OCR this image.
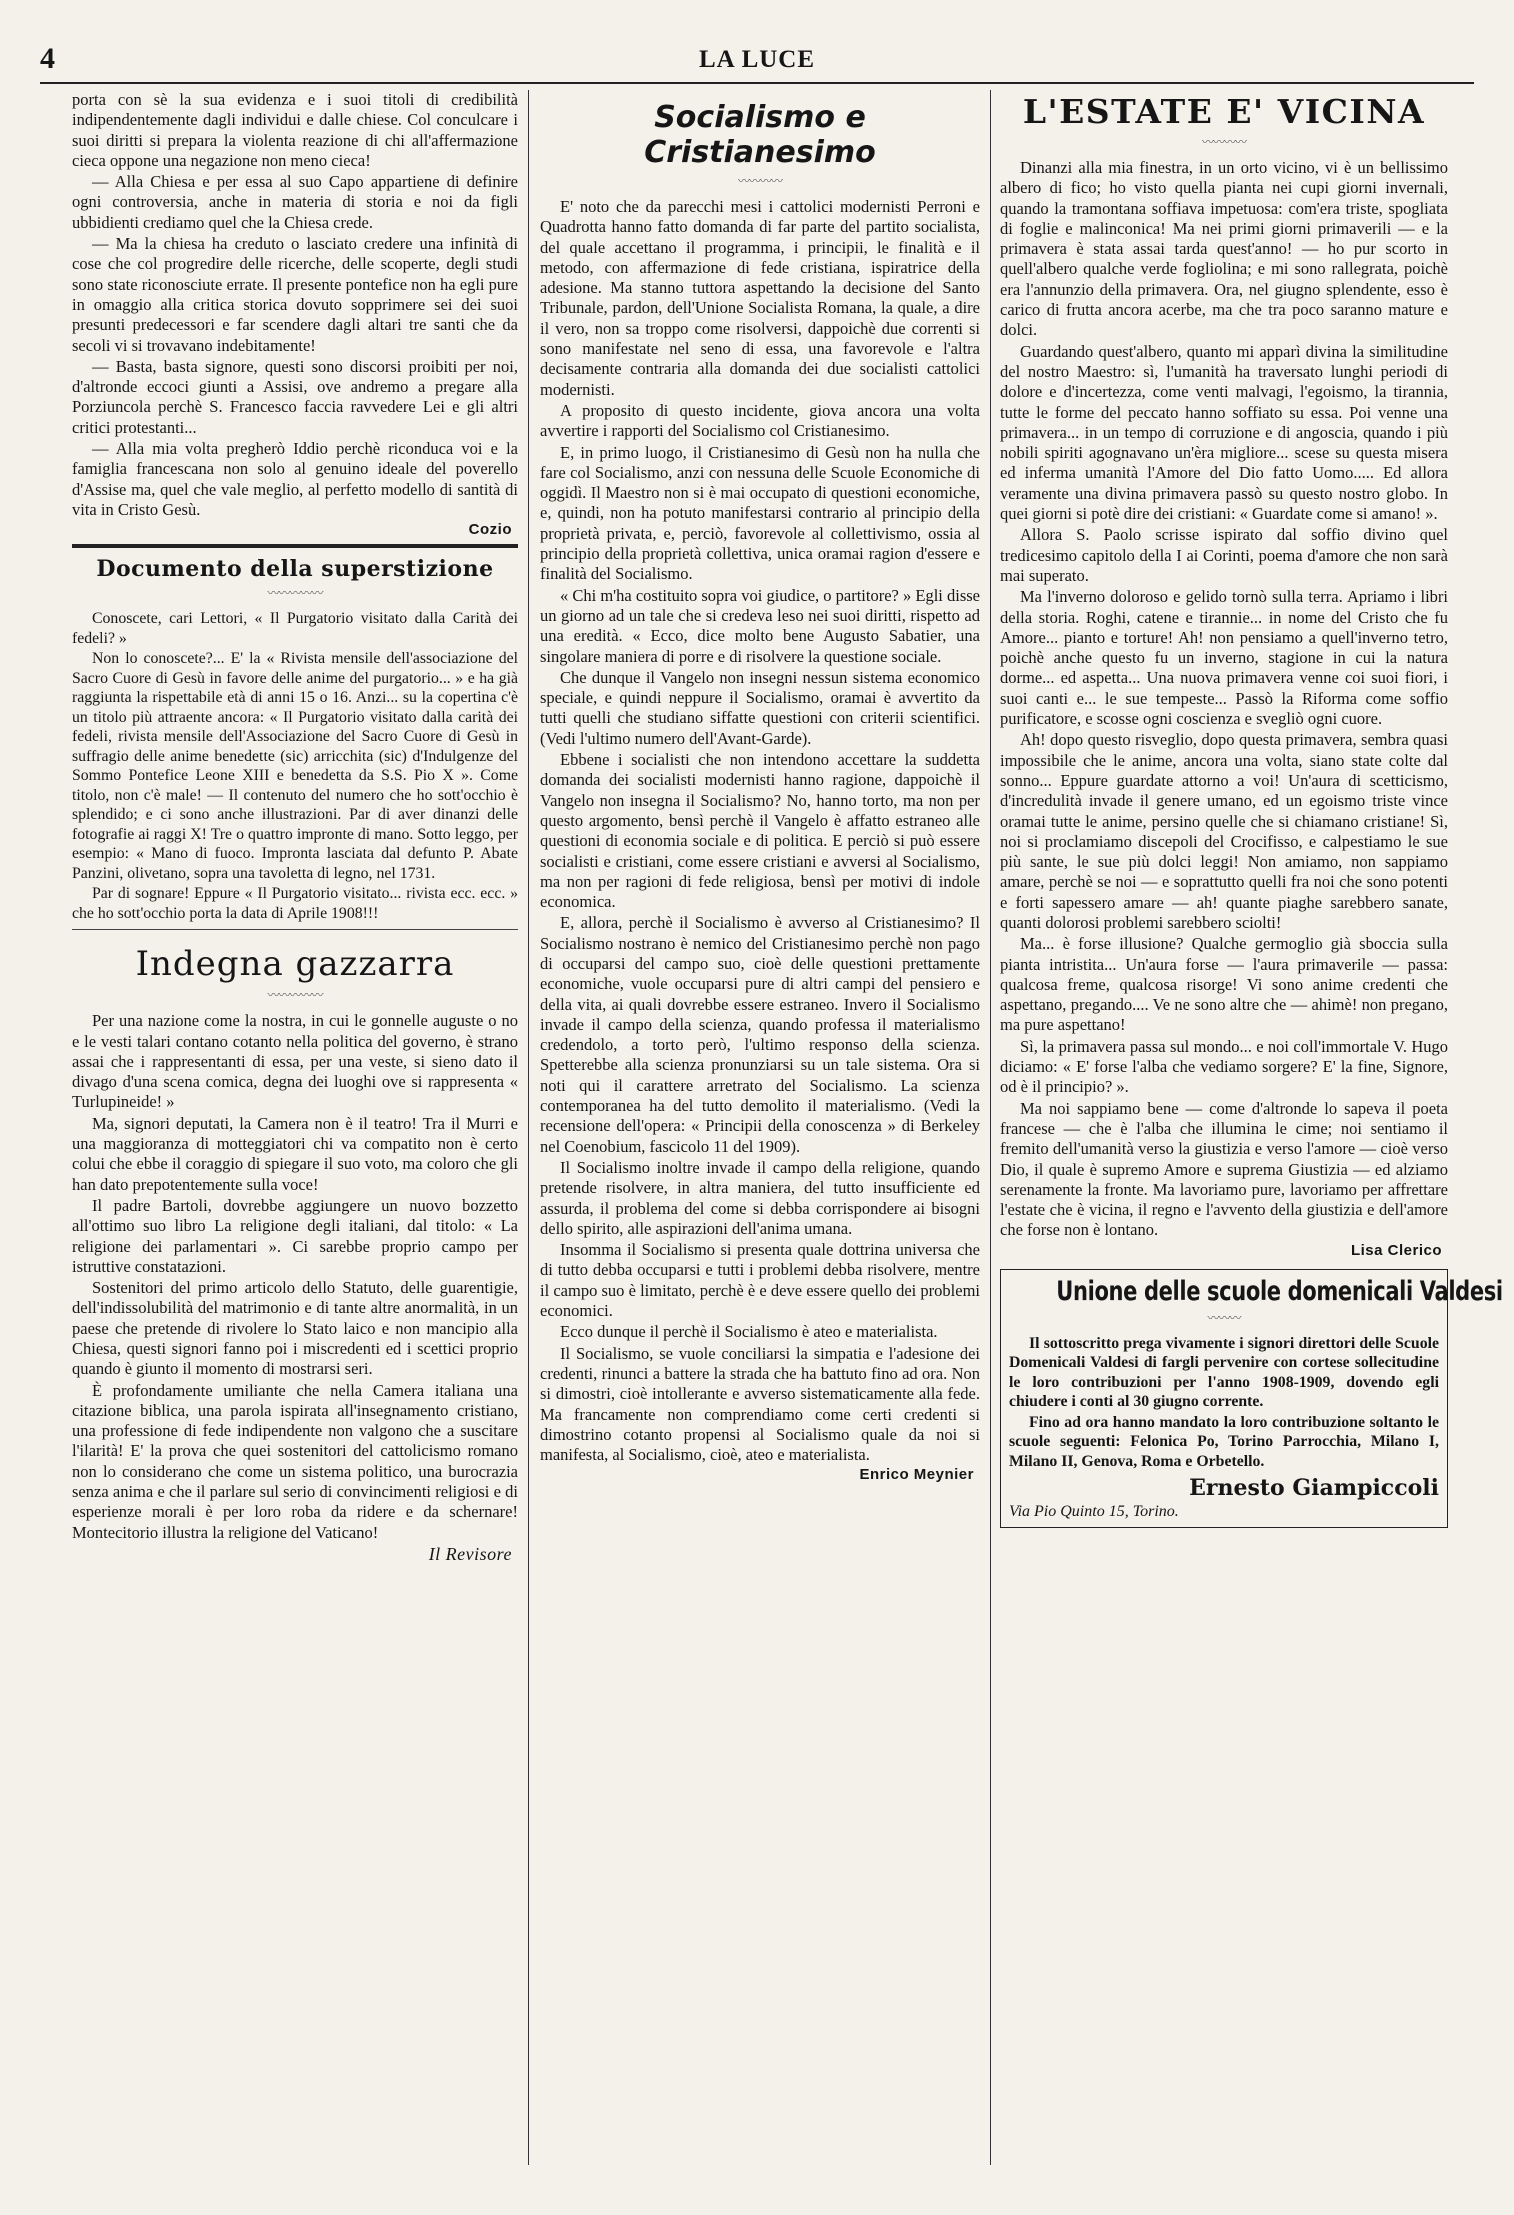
4	LA LUCE

porta con sè la sua evidenza e i suoi titoli di credibilità indipendentemente dagli individui e dalle chiese. Col conculcare i suoi diritti si prepara la violenta reazione di chi all'affermazione cieca oppone una negazione non meno cieca!

— Alla Chiesa e per essa al suo Capo appartiene di definire ogni controversia, anche in materia di storia e noi da figli ubbidienti crediamo quel che la Chiesa crede.

— Ma la chiesa ha creduto o lasciato credere una infinità di cose che col progredire delle ricerche, delle scoperte, degli studi sono state riconosciute errate. Il presente pontefice non ha egli pure in omaggio alla critica storica dovuto sopprimere sei dei suoi presunti predecessori e far scendere dagli altari tre santi che da secoli vi si trovavano indebitamente!

— Basta, basta signore, questi sono discorsi proibiti per noi, d'altronde eccoci giunti a Assisi, ove andremo a pregare alla Porziuncola perchè S. Francesco faccia ravvedere Lei e gli altri critici protestanti...

— Alla mia volta pregherò Iddio perchè riconduca voi e la famiglia francescana non solo al genuino ideale del poverello d'Assise ma, quel che vale meglio, al perfetto modello di santità di vita in Cristo Gesù.

Cozio
Documento della superstizione
〰〰〰〰〰

Conoscete, cari Lettori, « Il Purgatorio visitato dalla Carità dei fedeli? »

Non lo conoscete?... E' la « Rivista mensile dell'associazione del Sacro Cuore di Gesù in favore delle anime del purgatorio... » e ha già raggiunta la rispettabile età di anni 15 o 16. Anzi... su la copertina c'è un titolo più attraente ancora: « Il Purgatorio visitato dalla carità dei fedeli, rivista mensile dell'Associazione del Sacro Cuore di Gesù in suffragio delle anime benedette (sic) arricchita (sic) d'Indulgenze del Sommo Pontefice Leone XIII e benedetta da S.S. Pio X ». Come titolo, non c'è male! — Il contenuto del numero che ho sott'occhio è splendido; e ci sono anche illustrazioni. Par di aver dinanzi delle fotografie ai raggi X! Tre o quattro impronte di mano. Sotto leggo, per esempio: « Mano di fuoco. Impronta lasciata dal defunto P. Abate Panzini, olivetano, sopra una tavoletta di legno, nel 1731.

Par di sognare! Eppure « Il Purgatorio visitato... rivista ecc. ecc. » che ho sott'occhio porta la data di Aprile 1908!!!

Indegna gazzarra
〰〰〰〰〰

Per una nazione come la nostra, in cui le gonnelle auguste o no e le vesti talari contano cotanto nella politica del governo, è strano assai che i rappresentanti di essa, per una veste, si sieno dato il divago d'una scena comica, degna dei luoghi ove si rappresenta « Turlupineide! »

Ma, signori deputati, la Camera non è il teatro! Tra il Murri e una maggioranza di motteggiatori chi va compatito non è certo colui che ebbe il coraggio di spiegare il suo voto, ma coloro che gli han dato prepotentemente sulla voce!

Il padre Bartoli, dovrebbe aggiungere un nuovo bozzetto all'ottimo suo libro La religione degli italiani, dal titolo: « La religione dei parlamentari ». Ci sarebbe proprio campo per istruttive constatazioni.

Sostenitori del primo articolo dello Statuto, delle guarentigie, dell'indissolubilità del matrimonio e di tante altre anormalità, in un paese che pretende di rivolere lo Stato laico e non mancipio alla Chiesa, questi signori fanno poi i miscredenti ed i scettici proprio quando è giunto il momento di mostrarsi seri.

È profondamente umiliante che nella Camera italiana una citazione biblica, una parola ispirata all'insegnamento cristiano, una professione di fede indipendente non valgono che a suscitare l'ilarità! E' la prova che quei sostenitori del cattolicismo romano non lo considerano che come un sistema politico, una burocrazia senza anima e che il parlare sul serio di convincimenti religiosi e di esperienze morali è per loro roba da ridere e da schernare! Montecitorio illustra la religione del Vaticano!

Il Revisore
Socialismo e Cristianesimo
〰〰〰〰

E' noto che da parecchi mesi i cattolici modernisti Perroni e Quadrotta hanno fatto domanda di far parte del partito socialista, del quale accettano il programma, i principii, le finalità e il metodo, con affermazione di fede cristiana, ispiratrice della adesione. Ma stanno tuttora aspettando la decisione del Santo Tribunale, pardon, dell'Unione Socialista Romana, la quale, a dire il vero, non sa troppo come risolversi, dappoichè due correnti si sono manifestate nel seno di essa, una favorevole e l'altra decisamente contraria alla domanda dei due socialisti cattolici modernisti.

A proposito di questo incidente, giova ancora una volta avvertire i rapporti del Socialismo col Cristianesimo.

E, in primo luogo, il Cristianesimo di Gesù non ha nulla che fare col Socialismo, anzi con nessuna delle Scuole Economiche di oggidì. Il Maestro non si è mai occupato di questioni economiche, e, quindi, non ha potuto manifestarsi contrario al principio della proprietà privata, e, perciò, favorevole al collettivismo, ossia al principio della proprietà collettiva, unica oramai ragion d'essere e finalità del Socialismo.

« Chi m'ha costituito sopra voi giudice, o partitore? » Egli disse un giorno ad un tale che si credeva leso nei suoi diritti, rispetto ad una eredità. « Ecco, dice molto bene Augusto Sabatier, una singolare maniera di porre e di risolvere la questione sociale.

Che dunque il Vangelo non insegni nessun sistema economico speciale, e quindi neppure il Socialismo, oramai è avvertito da tutti quelli che studiano siffatte questioni con criterii scientifici. (Vedi l'ultimo numero dell'Avant-Garde).

Ebbene i socialisti che non intendono accettare la suddetta domanda dei socialisti modernisti hanno ragione, dappoichè il Vangelo non insegna il Socialismo? No, hanno torto, ma non per questo argomento, bensì perchè il Vangelo è affatto estraneo alle questioni di economia sociale e di politica. E perciò si può essere socialisti e cristiani, come essere cristiani e avversi al Socialismo, ma non per ragioni di fede religiosa, bensì per motivi di indole economica.

E, allora, perchè il Socialismo è avverso al Cristianesimo? Il Socialismo nostrano è nemico del Cristianesimo perchè non pago di occuparsi del campo suo, cioè delle questioni prettamente economiche, vuole occuparsi pure di altri campi del pensiero e della vita, ai quali dovrebbe essere estraneo. Invero il Socialismo invade il campo della scienza, quando professa il materialismo credendolo, a torto però, l'ultimo responso della scienza. Spetterebbe alla scienza pronunziarsi su un tale sistema. Ora si noti qui il carattere arretrato del Socialismo. La scienza contemporanea ha del tutto demolito il materialismo. (Vedi la recensione dell'opera: « Principii della conoscenza » di Berkeley nel Coenobium, fascicolo 11 del 1909).

Il Socialismo inoltre invade il campo della religione, quando pretende risolvere, in altra maniera, del tutto insufficiente ed assurda, il problema del come si debba corrispondere ai bisogni dello spirito, alle aspirazioni dell'anima umana.

Insomma il Socialismo si presenta quale dottrina universa che di tutto debba occuparsi e tutti i problemi debba risolvere, mentre il campo suo è limitato, perchè è e deve essere quello dei problemi economici.

Ecco dunque il perchè il Socialismo è ateo e materialista.

Il Socialismo, se vuole conciliarsi la simpatia e l'adesione dei credenti, rinunci a battere la strada che ha battuto fino ad ora. Non si dimostri, cioè intollerante e avverso sistematicamente alla fede. Ma francamente non comprendiamo come certi credenti si dimostrino cotanto propensi al Socialismo quale da noi si manifesta, al Socialismo, cioè, ateo e materialista.

Enrico Meynier
L'ESTATE E' VICINA
〰〰〰〰

Dinanzi alla mia finestra, in un orto vicino, vi è un bellissimo albero di fico; ho visto quella pianta nei cupi giorni invernali, quando la tramontana soffiava impetuosa: com'era triste, spogliata di foglie e malinconica! Ma nei primi giorni primaverili — e la primavera è stata assai tarda quest'anno! — ho pur scorto in quell'albero qualche verde fogliolina; e mi sono rallegrata, poichè era l'annunzio della primavera. Ora, nel giugno splendente, esso è carico di frutta ancora acerbe, ma che tra poco saranno mature e dolci.

Guardando quest'albero, quanto mi apparì divina la similitudine del nostro Maestro: sì, l'umanità ha traversato lunghi periodi di dolore e d'incertezza, come venti malvagi, l'egoismo, la tirannia, tutte le forme del peccato hanno soffiato su essa. Poi venne una primavera... in un tempo di corruzione e di angoscia, quando i più nobili spiriti agognavano un'èra migliore... scese su questa misera ed inferma umanità l'Amore del Dio fatto Uomo..... Ed allora veramente una divina primavera passò su questo nostro globo. In quei giorni si potè dire dei cristiani: « Guardate come si amano! ».

Allora S. Paolo scrisse ispirato dal soffio divino quel tredicesimo capitolo della I ai Corinti, poema d'amore che non sarà mai superato.

Ma l'inverno doloroso e gelido tornò sulla terra. Apriamo i libri della storia. Roghi, catene e tirannie... in nome del Cristo che fu Amore... pianto e torture! Ah! non pensiamo a quell'inverno tetro, poichè anche questo fu un inverno, stagione in cui la natura dorme... ed aspetta... Una nuova primavera venne coi suoi fiori, i suoi canti e... le sue tempeste... Passò la Riforma come soffio purificatore, e scosse ogni coscienza e svegliò ogni cuore.

Ah! dopo questo risveglio, dopo questa primavera, sembra quasi impossibile che le anime, ancora una volta, siano state colte dal sonno... Eppure guardate attorno a voi! Un'aura di scetticismo, d'incredulità invade il genere umano, ed un egoismo triste vince oramai tutte le anime, persino quelle che si chiamano cristiane! Sì, noi si proclamiamo discepoli del Crocifisso, e calpestiamo le sue più sante, le sue più dolci leggi! Non amiamo, non sappiamo amare, perchè se noi — e soprattutto quelli fra noi che sono potenti e forti sapessero amare — ah! quante piaghe sarebbero sanate, quanti dolorosi problemi sarebbero sciolti!

Ma... è forse illusione? Qualche germoglio già sboccia sulla pianta intristita... Un'aura forse — l'aura primaverile — passa: qualcosa freme, qualcosa risorge! Vi sono anime credenti che aspettano, pregando.... Ve ne sono altre che — ahimè! non pregano, ma pure aspettano!

Sì, la primavera passa sul mondo... e noi coll'immortale V. Hugo diciamo: « E' forse l'alba che vediamo sorgere? E' la fine, Signore, od è il principio? ».

Ma noi sappiamo bene — come d'altronde lo sapeva il poeta francese — che è l'alba che illumina le cime; noi sentiamo il fremito dell'umanità verso la giustizia e verso l'amore — cioè verso Dio, il quale è supremo Amore e suprema Giustizia — ed alziamo serenamente la fronte. Ma lavoriamo pure, lavoriamo per affrettare l'estate che è vicina, il regno e l'avvento della giustizia e dell'amore che forse non è lontano.

Lisa Clerico
Unione delle scuole domenicali Valdesi
〰〰〰

Il sottoscritto prega vivamente i signori direttori delle Scuole Domenicali Valdesi di fargli pervenire con cortese sollecitudine le loro contribuzioni per l'anno 1908-1909, dovendo egli chiudere i conti al 30 giugno corrente.

Fino ad ora hanno mandato la loro contribuzione soltanto le scuole seguenti: Felonica Po, Torino Parrocchia, Milano I, Milano II, Genova, Roma e Orbetello.

Ernesto Giampiccoli
Via Pio Quinto 15, Torino.
